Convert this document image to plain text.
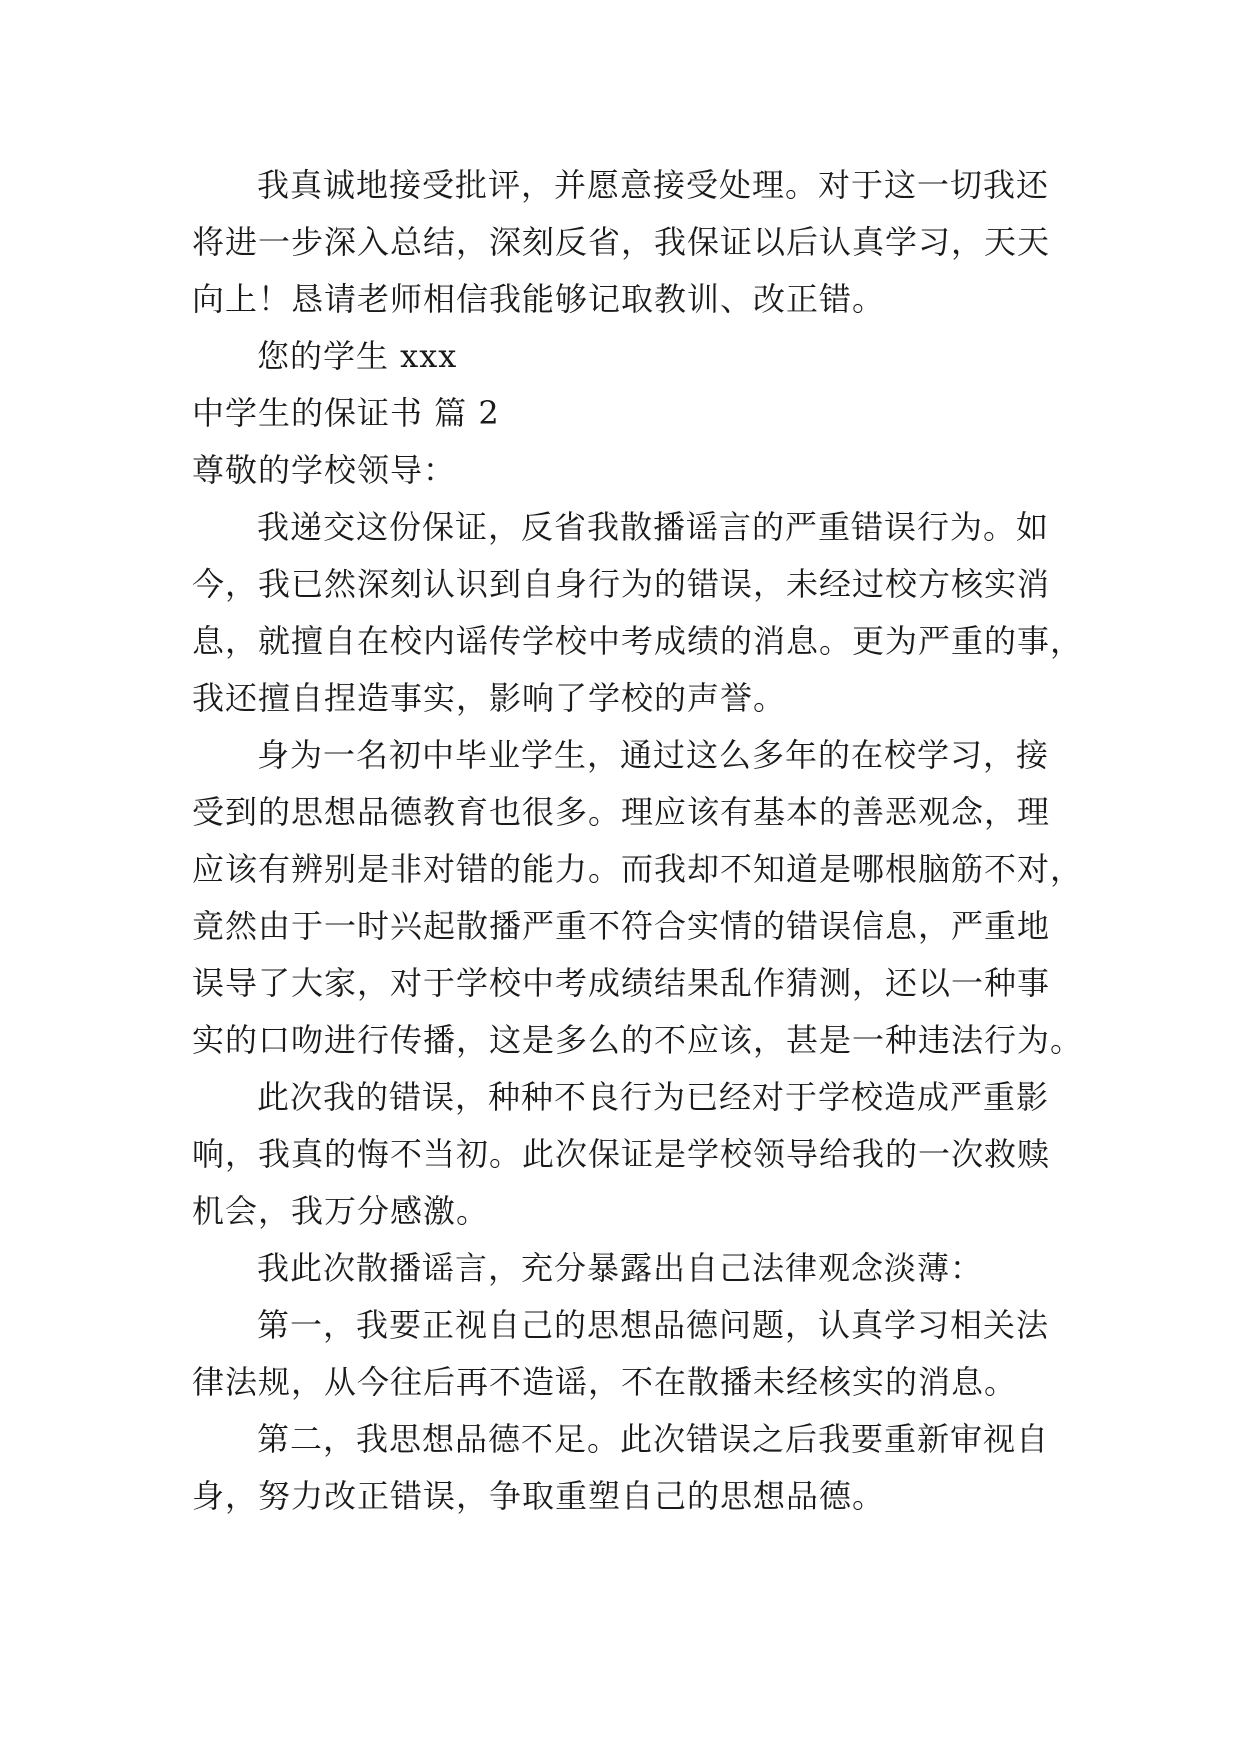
我真诚地接受批评，并愿意接受处理。对于这一切我还
将进一步深入总结，深刻反省，我保证以后认真学习，天天
向上！恳请老师相信我能够记取教训、改正错。
您的学生 xxx
中学生的保证书 篇 2
尊敬的学校领导：
我递交这份保证，反省我散播谣言的严重错误行为。如
今，我已然深刻认识到自身行为的错误，未经过校方核实消
息，就擅自在校内谣传学校中考成绩的消息。更为严重的事，
我还擅自捏造事实，影响了学校的声誉。
身为一名初中毕业学生，通过这么多年的在校学习，接
受到的思想品德教育也很多。理应该有基本的善恶观念，理
应该有辨别是非对错的能力。而我却不知道是哪根脑筋不对，
竟然由于一时兴起散播严重不符合实情的错误信息，严重地
误导了大家，对于学校中考成绩结果乱作猜测，还以一种事
实的口吻进行传播，这是多么的不应该，甚是一种违法行为。
此次我的错误，种种不良行为已经对于学校造成严重影
响，我真的悔不当初。此次保证是学校领导给我的一次救赎
机会，我万分感激。
我此次散播谣言，充分暴露出自己法律观念淡薄：
第一，我要正视自己的思想品德问题，认真学习相关法
律法规，从今往后再不造谣，不在散播未经核实的消息。
第二，我思想品德不足。此次错误之后我要重新审视自
身，努力改正错误，争取重塑自己的思想品德。
